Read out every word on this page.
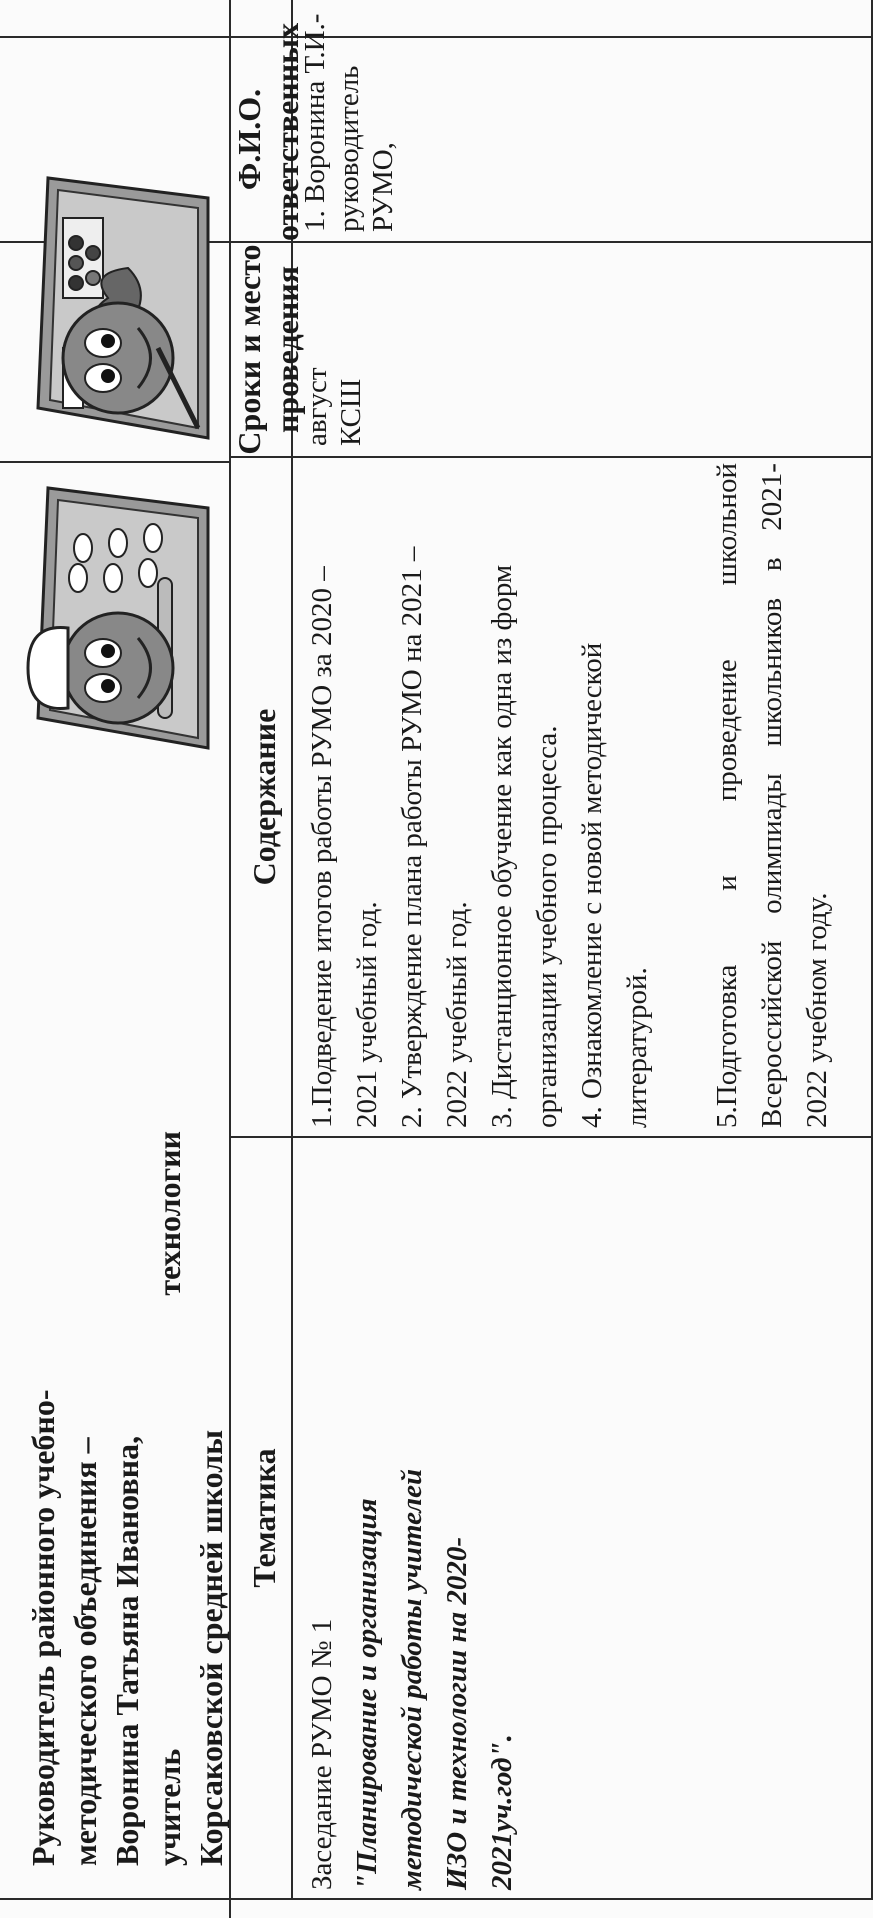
Руководитель районного учебно- методического объединения – Воронина Татьяна Ивановна, учитель
технологии
Корсаковской средней школы Тематика
Содержание
Сроки и место проведения
Ф.И.О. ответственных
Заседание РУМО № 1 "Планирование и организация методической работы учителей ИЗО и технологии на 2020- 2021уч.год".
1.Подведение итогов работы РУМО за 2020 – 2021 учебный год. 2. Утверждение плана работы РУМО на 2021 – 2022 учебный год. 3. Дистанционное обучение как одна из форм организации учебного процесса. 4. Ознакомление с новой методической литературой. 5.Подготовка
и
проведение
школьной
Всероссийской
олимпиады
школьников
в
2021-
2022 учебном году.
август КСШ
1. Воронина Т.И.- руководитель РУМО,
